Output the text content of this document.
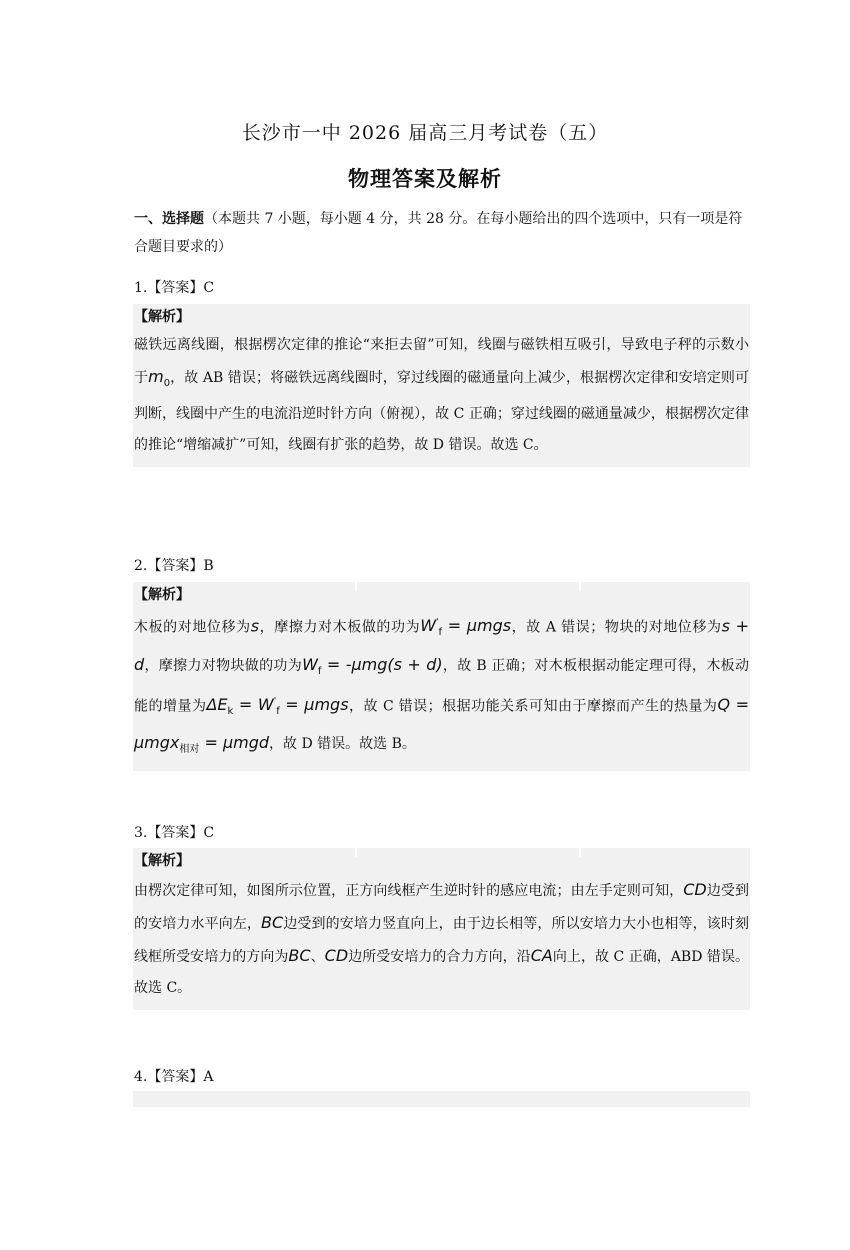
长沙市一中 2026 届高三月考试卷（五）
物理答案及解析
一、选择题（本题共 7 小题，每小题 4 分，共 28 分。在每小题给出的四个选项中，只有一项是符合题目要求的）
1.【答案】C
【解析】

磁铁远离线圈，根据楞次定律的推论“来拒去留”可知，线圈与磁铁相互吸引，导致电子秤的示数小于$m_0$，故 AB 错误；将磁铁远离线圈时，穿过线圈的磁通量向上减少，根据楞次定律和安培定则可判断，线圈中产生的电流沿逆时针方向（俯视），故 C 正确；穿过线圈的磁通量减少，根据楞次定律的推论“增缩减扩”可知，线圈有扩张的趋势，故 D 错误。故选 C。

2.【答案】B
【解析】

木板的对地位移为s，摩擦力对木板做的功为$W'_f = \mu mgs$，故 A 错误；物块的对地位移为s + d，摩擦力对物块做的功为$W_f = -\mu mg(s + d)$，故 B 正确；对木板根据动能定理可得，木板动能的增量为$\Delta E_k = W'_f = \mu mgs$，故 C 错误；根据功能关系可知由于摩擦而产生的热量为Q = μmgx$_{相对}$ = μmgd，故 D 错误。故选 B。

3.【答案】C
【解析】

由楞次定律可知，如图所示位置，正方向线框产生逆时针的感应电流；由左手定则可知，CD边受到的安培力水平向左，BC边受到的安培力竖直向上，由于边长相等，所以安培力大小也相等，该时刻线框所受安培力的方向为BC、CD边所受安培力的合力方向，沿CA向上，故 C 正确，ABD 错误。故选 C。

4.【答案】A
